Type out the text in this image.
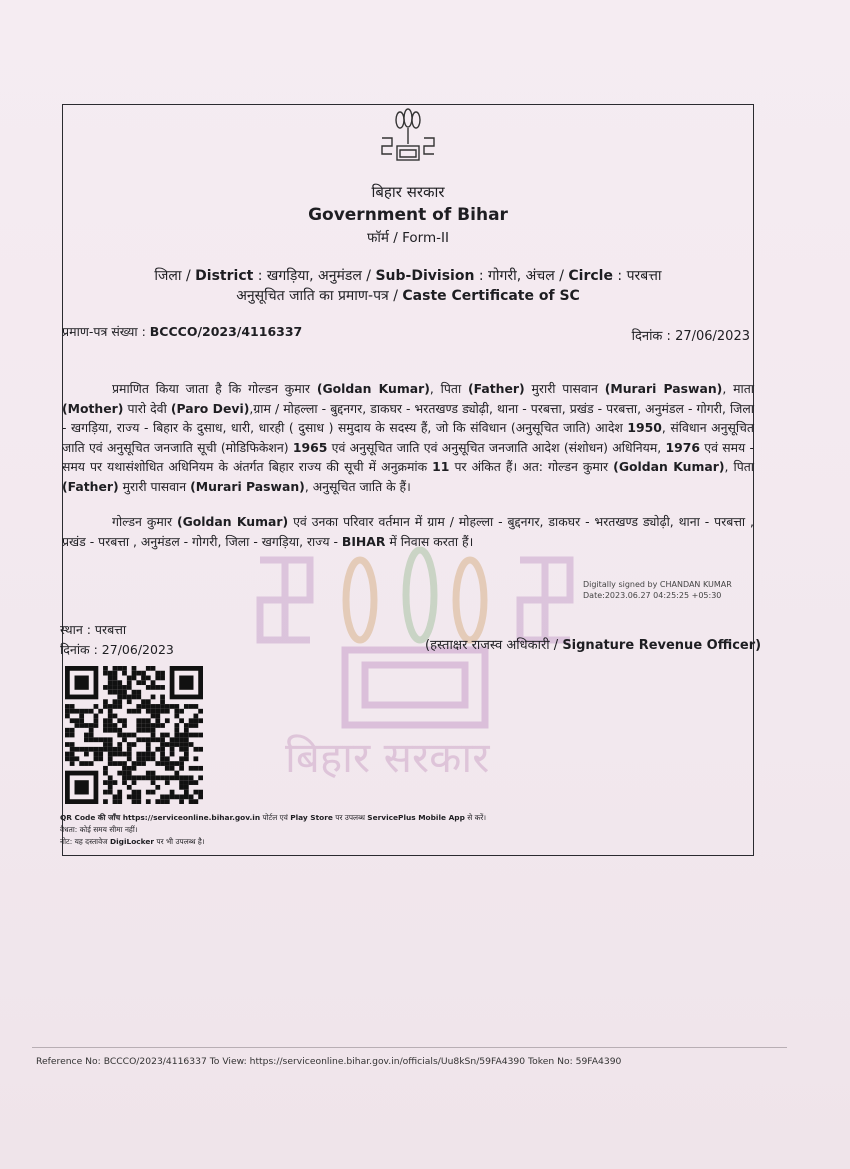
बिहार सरकार
बिहार सरकार
Government of Bihar
फॉर्म / Form-II
जिला / District : खगड़िया, अनुमंडल / Sub-Division : गोगरी, अंचल / Circle : परबत्ता
अनुसूचित जाति का प्रमाण-पत्र / Caste Certificate of SC
प्रमाण-पत्र संख्या : BCCCO/2023/4116337	दिनांक : 27/06/2023
प्रमाणित किया जाता है कि गोल्डन कुमार (Goldan Kumar), पिता (Father) मुरारी पासवान (Murari Paswan), माता (Mother) पारो देवी (Paro Devi),ग्राम / मोहल्ला - बुद्दनगर, डाकघर - भरतखण्ड ड्योढ़ी, थाना - परबत्ता, प्रखंड - परबत्ता, अनुमंडल - गोगरी, जिला - खगड़िया, राज्य - बिहार के दुसाध, धारी, धारही ( दुसाध ) समुदाय के सदस्य हैं, जो कि संविधान (अनुसूचित जाति) आदेश 1950, संविधान अनुसूचित जाति एवं अनुसूचित जनजाति सूची (मोडिफिकेशन) 1965 एवं अनुसूचित जाति एवं अनुसूचित जनजाति आदेश (संशोधन) अधिनियम, 1976 एवं समय - समय पर यथासंशोधित अधिनियम के अंतर्गत बिहार राज्य की सूची में अनुक्रमांक 11 पर अंकित हैं। अत: गोल्डन कुमार (Goldan Kumar), पिता (Father) मुरारी पासवान (Murari Paswan), अनुसूचित जाति के हैं।
गोल्डन कुमार (Goldan Kumar) एवं उनका परिवार वर्तमान में ग्राम / मोहल्ला - बुद्दनगर, डाकघर - भरतखण्ड ड्योढ़ी, थाना - परबत्ता , प्रखंड - परबत्ता , अनुमंडल - गोगरी, जिला - खगड़िया, राज्य - BIHAR में निवास करता हैं।
Digitally signed by CHANDAN KUMAR
Date:2023.06.27 04:25:25 +05:30
स्थान : परबत्ता
दिनांक : 27/06/2023	(हस्ताक्षर राजस्व अधिकारी / Signature Revenue Officer)
QR Code की जाँच https://serviceonline.bihar.gov.in पोर्टल एवं Play Store पर उपलब्ध ServicePlus Mobile App से करें।
वैधता: कोई समय सीमा नहीं।
नोट: यह दस्तावेज DigiLocker पर भी उपलब्ध है।
Reference No: BCCCO/2023/4116337 To View: https://serviceonline.bihar.gov.in/officials/Uu8kSn/59FA4390 Token No: 59FA4390
